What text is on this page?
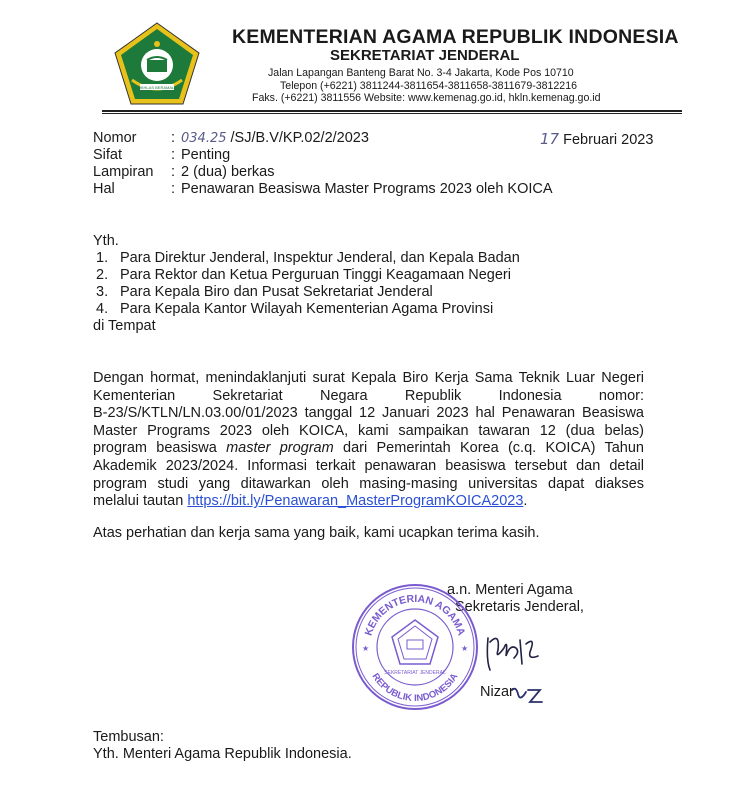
IKHLAS BERAMAL
KEMENTERIAN AGAMA REPUBLIK INDONESIA
SEKRETARIAT JENDERAL
Jalan Lapangan Banteng Barat No. 3-4 Jakarta, Kode Pos 10710
Telepon (+6221) 3811244-3811654-3811658-3811679-3812216
Faks. (+6221) 3811556 Website: www.kemenag.go.id, hkln.kemenag.go.id
Nomor : 034.25 /SJ/B.V/KP.02/2/2023
Sifat	: Penting
Lampiran : 2 (dua) berkas
Hal	: Penawaran Beasiswa Master Programs 2023 oleh KOICA
17 Februari 2023
Yth.
1. Para Direktur Jenderal, Inspektur Jenderal, dan Kepala Badan
2. Para Rektor dan Ketua Perguruan Tinggi Keagamaan Negeri
3. Para Kepala Biro dan Pusat Sekretariat Jenderal
4. Para Kepala Kantor Wilayah Kementerian Agama Provinsi
di Tempat
Dengan hormat, menindaklanjuti surat Kepala Biro Kerja Sama Teknik Luar Negeri
Kementerian Sekretariat Negara Republik Indonesia nomor:
B-23/S/KTLN/LN.03.00/01/2023 tanggal 12 Januari 2023 hal Penawaran Beasiswa
Master Programs 2023 oleh KOICA, kami sampaikan tawaran 12 (dua belas)
program beasiswa master program dari Pemerintah Korea (c.q. KOICA) Tahun
Akademik 2023/2024. Informasi terkait penawaran beasiswa tersebut dan detail
program studi yang ditawarkan oleh masing-masing universitas dapat diakses
melalui tautan https://bit.ly/Penawaran_MasterProgramKOICA2023.
Atas perhatian dan kerja sama yang baik, kami ucapkan terima kasih.
a.n. Menteri Agama
Sekretaris Jenderal,
KEMENTERIAN AGAMA
REPUBLIK INDONESIA
★	★
SEKRETARIAT JENDERAL
Nizar
Tembusan:
Yth. Menteri Agama Republik Indonesia.
